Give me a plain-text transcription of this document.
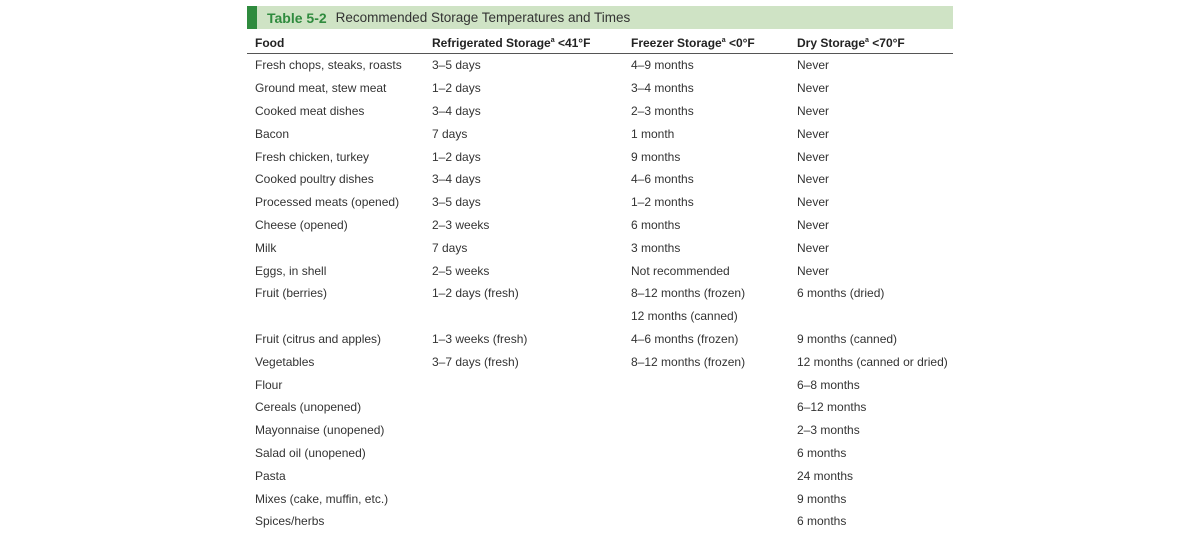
Table 5-2 Recommended Storage Temperatures and Times
Food	Refrigerated Storage$^a$ <41°F	Freezer Storage$^a$ <0°F	Dry Storage$^a$ <70°F
Fresh chops, steaks, roasts	3–5 days	4–9 months	Never
Ground meat, stew meat	1–2 days	3–4 months	Never
Cooked meat dishes	3–4 days	2–3 months	Never
Bacon	7 days	1 month	Never
Fresh chicken, turkey	1–2 days	9 months	Never
Cooked poultry dishes	3–4 days	4–6 months	Never
Processed meats (opened)	3–5 days	1–2 months	Never
Cheese (opened)	2–3 weeks	6 months	Never
Milk	7 days	3 months	Never
Eggs, in shell	2–5 weeks	Not recommended	Never
Fruit (berries)	1–2 days (fresh)	8–12 months (frozen)	6 months (dried)
		12 months (canned)	
Fruit (citrus and apples)	1–3 weeks (fresh)	4–6 months (frozen)	9 months (canned)
Vegetables	3–7 days (fresh)	8–12 months (frozen)	12 months (canned or dried)
Flour			6–8 months
Cereals (unopened)			6–12 months
Mayonnaise (unopened)			2–3 months
Salad oil (unopened)			6 months
Pasta			24 months
Mixes (cake, muffin, etc.)			9 months
Spices/herbs			6 months
